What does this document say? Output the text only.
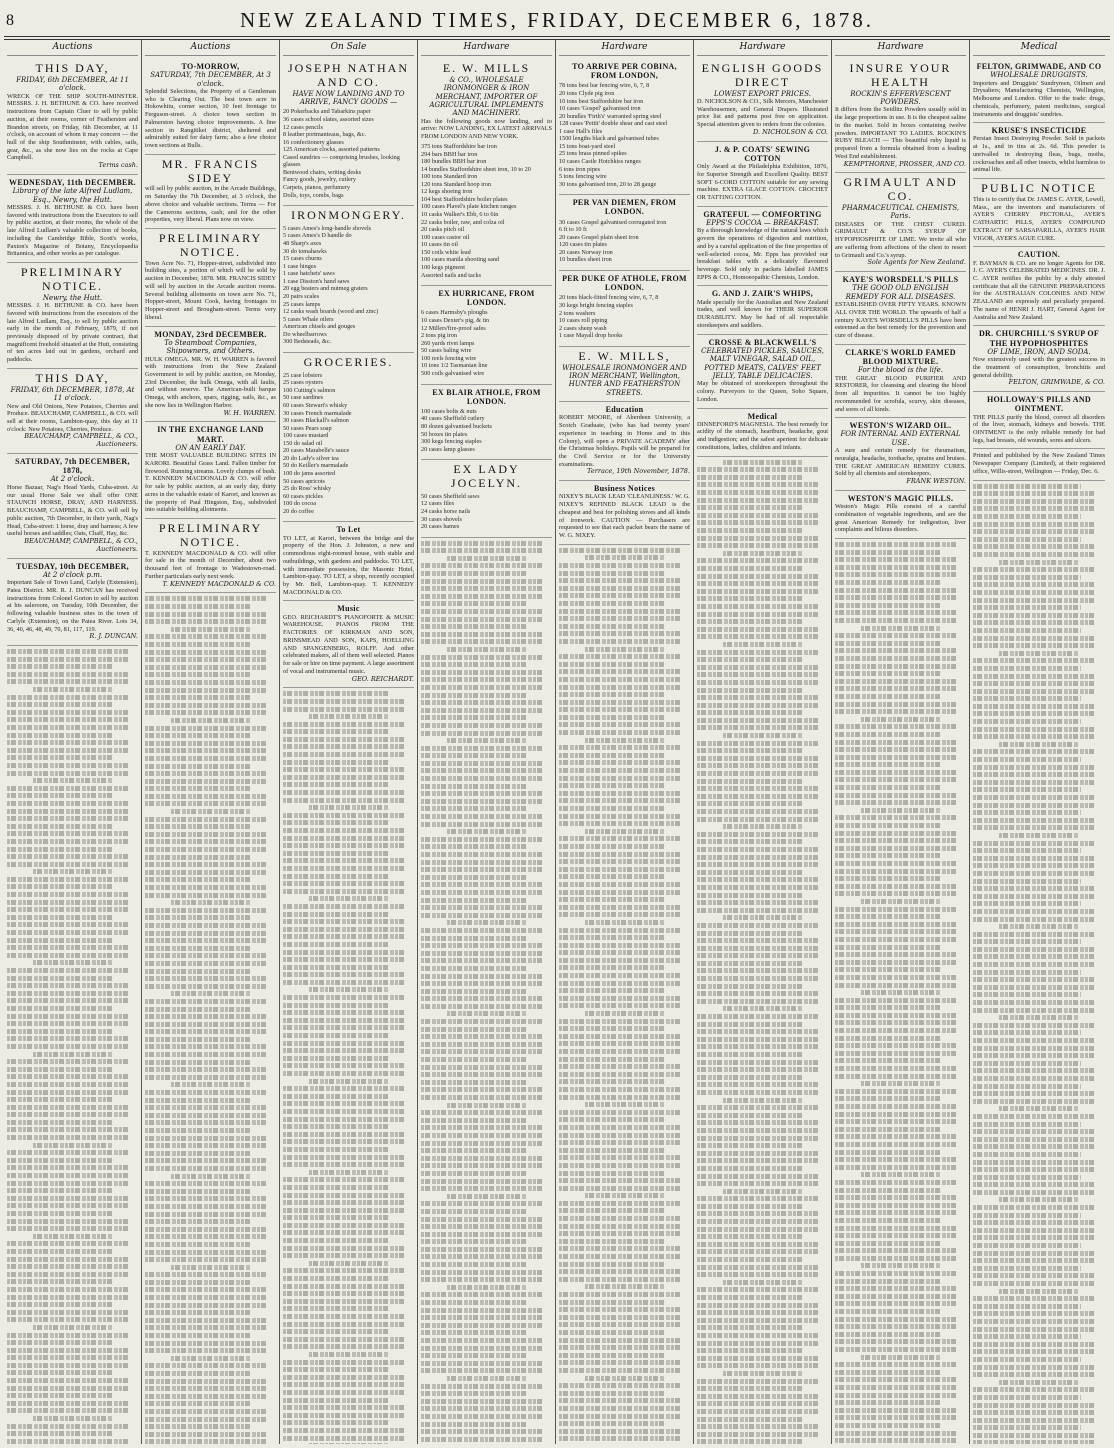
8	NEW ZEALAND TIMES, FRIDAY, DECEMBER 6, 1878.
Auctions
THIS DAY,
FRIDAY, 6th DECEMBER, At 11 o'clock.
WRECK OF THE SHIP SOUTH-MINSTER. MESSRS. J. H. BETHUNE & CO. have received instructions from Captain Cluer to sell by public auction, at their rooms, corner of Featherston and Brandon streets, on Friday, 6th December, at 11 o'clock, on account of whom it may concern — the hull of the ship Southminster, with cables, sails, gear, &c., as she now lies on the rocks at Cape Campbell.
Terms cash.
WEDNESDAY, 11th DECEMBER.
Library of the late Alfred Ludlam, Esq., Newry, the Hutt.
MESSRS. J. H. BETHUNE & CO. have been favored with instructions from the Executors to sell by public auction, at their rooms, the whole of the late Alfred Ludlam's valuable collection of books, including the Cambridge Bible, Scott's works, Paxton's Magazine of Botany, Encyclopaedia Britannica, and other works as per catalogue.
PRELIMINARY NOTICE.
Newry, the Hutt.
MESSRS. J. H. BETHUNE & CO. have been favored with instructions from the executors of the late Alfred Ludlam, Esq., to sell by public auction early in the month of February, 1879, if not previously disposed of by private contract, that magnificent freehold situated at the Hutt, consisting of ten acres laid out in gardens, orchard and paddocks.
THIS DAY,
FRIDAY, 6th DECEMBER, 1878, At 11 o'clock.
New and Old Onions, New Potatoes, Cherries and Produce. BEAUCHAMP, CAMPBELL, & CO. will sell at their rooms, Lambton-quay, this day at 11 o'clock: New Potatoes, Cherries, Produce.
BEAUCHAMP, CAMPBELL, & CO., Auctioneers.
SATURDAY, 7th DECEMBER, 1878,
At 2 o'clock.
Horse Bazaar, Nag's Head Yards, Cuba-street. At our usual Horse Sale we shall offer ONE STAUNCH HORSE, DRAY, AND HARNESS. BEAUCHAMP, CAMPBELL, & CO. will sell by public auction, 7th December, in their yards, Nag's Head, Cuba-street: 1 horse, dray and harness; A few useful horses and saddles; Oats, Chaff, Hay, &c.
BEAUCHAMP, CAMPBELL, & CO., Auctioneers.
TUESDAY, 10th DECEMBER,
At 2 o'clock p.m.
Important Sale of Town Land, Carlyle (Extension), Patea District. MR. R. J. DUNCAN has received instructions from Colonel Gorton to sell by auction at his saleroom, on Tuesday, 10th December, the following valuable business sites in the town of Carlyle (Extension), on the Patea River. Lots 34, 36, 40, 46, 48, 49, 70, 81, 117, 119.
R. J. DUNCAN.
Auctions
TO-MORROW,
SATURDAY, 7th DECEMBER, At 3 o'clock.
Splendid Selections, the Property of a Gentleman who is Clearing Out. The best town acre in Hokowhitu, corner section, 10 feet frontage to Ferguson-street. A choice town section in Palmerston having choice improvements. A fine section in Rangitikei district, sheltered and admirably suited for dairy farm; also a few choice town sections at Bulls.
MR. FRANCIS SIDEY
will sell by public auction, in the Arcade Buildings, on Saturday the 7th December, at 3 o'clock, the above choice and valuable sections. Terms — For the Camerons sections, cash; and for the other properties, very liberal. Plans now on view.
PRELIMINARY NOTICE.
Town Acre No. 71, Hopper-street, subdivided into building sites, a portion of which will be sold by auction in December, 1878. MR. FRANCIS SIDEY will sell by auction in the Arcade auction rooms. Several building allotments on town acre No. 71, Hopper-street, Mount Cook, having frontages to Hopper-street and Brougham-street. Terms very liberal.
MONDAY, 23rd DECEMBER.
To Steamboat Companies, Shipowners, and Others.
HULK OMEGA. MR. W. H. WARREN is favored with instructions from the New Zealand Government to sell by public auction, on Monday, 23rd December, the hulk Omega, with all faults, and without reserve. The American-built barque Omega, with anchors, spars, rigging, sails, &c., as she now lies in Wellington Harbor.
W. H. WARREN.
IN THE EXCHANGE LAND MART.
ON AN EARLY DAY.
THE MOST VALUABLE BUILDING SITES IN KARORI. Beautiful Grass Land. Fallen timber for firewood. Running streams. Lovely clumps of bush. T. KENNEDY MACDONALD & CO. will offer for sale by public auction, at an early day, thirty acres in the valuable estate of Karori, and known as the property of Paul Hingston, Esq., subdivided into suitable building allotments.
PRELIMINARY NOTICE.
T. KENNEDY MACDONALD & CO. will offer for sale in the month of December, about two thousand feet of frontage to Wadestown-road. Further particulars early next week.
T. KENNEDY MACDONALD & CO.
On Sale
JOSEPH NATHAN AND CO.
HAVE NOW LANDING AND TO ARRIVE, FANCY GOODS —
20 Pokerbacks and Tabarkins paper
36 cases school slates, assorted sizes
12 cases pencils
8 leather portmanteaus, bags, &c.
16 confectionery glasses
125 American clocks, assorted patterns
Cased sundries — comprising brushes, looking glasses
Bentwood chairs, writing desks
Fancy goods, jewelry, cutlery
Carpets, pianos, perfumery
Dolls, toys, combs, bags
IRONMONGERY.
5 cases Ames's long-handle shovels
5 cases Ames's D handle do
48 Sharp's axes
30 do tomahawks
15 cases churns
1 case hinges
1 case hatchets' saws
1 case Disston's hand saws
20 egg beaters and nutmeg graters
20 pairs scales
25 cases lamps
12 casks wash boards (wood and zinc)
5 cases Whale oilers
American chisels and gouges
Do wheelbarrows
300 Bedsteads, &c.
GROCERIES.
25 case lobsters
25 cases oysters
100 Cutting's salmon
50 case sardines
60 cases Stewart's whisky
30 cases French marmalade
30 cases Blackall's salmon
50 cases Pears soap
100 cases mustard
150 do salad oil
20 cases Marabelle's sauce
20 do Lady's silver tea
50 do Keiller's marmalade
100 do jams assorted
50 cases apricots
25 do Ross' whisky
60 cases pickles
100 do cocoa
20 do coffee
To Let
TO LET, at Karori, between the bridge and the property of the Hon. J. Johnston, a new and commodious eight-roomed house, with stable and outbuildings, with gardens and paddocks. TO LET, with immediate possession, the Masonic Hotel, Lambton-quay. TO LET, a shop, recently occupied by Mr. Bell, Lambton-quay. T. KENNEDY MACDONALD & CO.
Music
GEO. REICHARDT'S PIANOFORTE & MUSIC WAREHOUSE. PIANOS FROM THE FACTORIES OF KIRKMAN AND SON, BRINSMEAD AND SON, KAPS, HOELLING AND SPANGENBERG, ROLFF. And other celebrated makers, all of them well selected. Pianos for sale or hire on time payment. A large assortment of vocal and instrumental music.
GEO. REICHARDT.
Hardware
E. W. MILLS
& CO., WHOLESALE IRONMONGER & IRON MERCHANT, IMPORTER OF AGRICULTURAL IMPLEMENTS AND MACHINERY.
Has the following goods now landing, and to arrive: NOW LANDING, EX LATEST ARRIVALS FROM LONDON AND NEW YORK.
375 tons Staffordshire bar iron
294 bars BBH bar iron
180 bundles BBH bar iron
14 bundles Staffordshire sheet iron, 10 to 20
100 tons Standard iron
120 tons Standard hoop iron
12 kegs shoeing iron
104 best Staffordshire boiler plates
100 cases Plavel's plate kitchen ranges
10 casks Walker's Ebb, 6 to 6in
22 casks boiler, raw, and colza oil
20 casks pitch oil
100 cases castor oil
10 cases tin oil
150 coils white lead
100 cases manila shooting sand
100 kegs pigment
Assorted nails and tacks
EX HURRICANE, FROM LONDON.
6 cases Harmsby's ploughs
10 cases Dexter's pig, & tin
12 Millers'fire-proof safes
2 tons pig iron
260 yards rivet lamps
50 cases baling wire
100 reels fencing wire
10 tons 1/2 Tasmanian line
500 coils galvanised wire
EX BLAIR ATHOLE, FROM LONDON.
100 cases bolts & nuts
40 cases Sheffield cutlery
80 dozen galvanised buckets
50 boxes tin plates
300 kegs fencing staples
20 cases lamp glasses
EX LADY JOCELYN.
50 cases Sheffield saws
12 cases files
24 casks horse nails
30 cases shovels
20 cases hames
Hardware
TO ARRIVE PER COBINA, FROM LONDON,
78 tons best bar fencing wire, 6, 7, 8
20 tons Clyde pig iron
10 tons best Staffordshire bar iron
10 cases 'Gospel' galvanised iron
20 bundles 'Firth's' warranted spring steel
128 cases 'Pettit' double shear and cast steel
1 case Hall's files
1500 lengths black and galvanised tubes
15 tons boat-yard steel
25 tons brass pinned spikes
10 cases Castle Hotchkiss ranges
6 tons iron pipes
5 tons fencing wire
30 tons galvanised iron, 20 to 28 gauge
PER VAN DIEMEN, FROM LONDON.
30 cases Gospel galvanised corrugated iron
6 ft to 10 ft
20 cases Gospel plain sheet iron
120 cases tin plates
20 cases Norway iron
10 bundles sheet iron
PER DUKE OF ATHOLE, FROM LONDON.
20 tons black-fitted fencing wire, 6, 7, 8
30 kegs bright fencing staples
2 tons washers
10 cases roll piping
2 cases sheep wash
1 case Mayall drop hooks
E. W. MILLS,
WHOLESALE IRONMONGER AND IRON MERCHANT, Wellington, HUNTER AND FEATHERSTON STREETS.
Education
ROBERT MOORE, of Aberdeen University, a Scotch Graduate, (who has had twenty years' experience in teaching in Home and in this Colony), will open a PRIVATE ACADEMY after the Christmas holidays. Pupils will be prepared for the Civil Service or for the University examinations.
Terrace, 19th November, 1878.
Business Notices
NIXEY'S BLACK LEAD 'CLEANLINESS.' W. G. NIXEY'S REFINED BLACK LEAD is the cheapest and best for polishing stoves and all kinds of ironwork. CAUTION — Purchasers are requested to see that each packet bears the name of W. G. NIXEY.
Hardware
ENGLISH GOODS DIRECT
LOWEST EXPORT PRICES.
D. NICHOLSON & CO., Silk Mercers, Manchester Warehousemen, and General Drapers. Illustrated price list and patterns post free on application. Special attention given to orders from the colonies.
D. NICHOLSON & CO.
J. & P. COATS' SEWING COTTON
Only Award at the Philadelphia Exhibition, 1876, for Superior Strength and Excellent Quality. BEST SOFT 6-CORD COTTON suitable for any sewing machine. EXTRA GLACE COTTON. CROCHET OR TATTING COTTON.
GRATEFUL — COMFORTING
EPPS'S COCOA — BREAKFAST.
By a thorough knowledge of the natural laws which govern the operations of digestion and nutrition, and by a careful application of the fine properties of well-selected cocoa, Mr. Epps has provided our breakfast tables with a delicately flavoured beverage. Sold only in packets labelled JAMES EPPS & CO., Homoeopathic Chemists, London.
G. AND J. ZAIR'S WHIPS,
Made specially for the Australian and New Zealand trades, and well known for THEIR SUPERIOR DURABILITY. May be had of all respectable storekeepers and saddlers.
CROSSE & BLACKWELL'S
CELEBRATED PICKLES, SAUCES, MALT VINEGAR, SALAD OIL, POTTED MEATS, CALVES' FEET JELLY, TABLE DELICACIES.
May be obtained of storekeepers throughout the colony. Purveyors to the Queen, Soho Square, London.
Medical
DINNEFORD'S MAGNESIA. The best remedy for acidity of the stomach, heartburn, headache, gout and indigestion; and the safest aperient for delicate constitutions, ladies, children and infants.
Hardware
INSURE YOUR HEALTH
ROCKIN'S EFFERVESCENT POWDERS.
It differs from the Seidlitz Powders usually sold in the large proportions in use. It is the cheapest saline in the market. Sold in boxes containing twelve powders. IMPORTANT TO LADIES. ROCKIN'S RUBY BLEACH — This beautiful ruby liquid is prepared from a formula obtained from a leading West End establishment.
KEMPTHORNE, PROSSER, AND CO.
GRIMAULT AND CO.
PHARMACEUTICAL CHEMISTS, Paris.
DISEASES OF THE CHEST CURED. GRIMAULT & CO.'S SYRUP OF HYPOPHOSPHITE OF LIME. We invite all who are suffering from affections of the chest to resort to Grimault and Co.'s syrup.
Sole Agents for New Zealand.
KAYE'S WORSDELL'S PILLS
THE GOOD OLD ENGLISH REMEDY FOR ALL DISEASES.
ESTABLISHED OVER FIFTY YEARS. KNOWN ALL OVER THE WORLD. The upwards of half a century KAYE'S WORSDELL'S PILLS have been esteemed as the best remedy for the prevention and cure of disease.
CLARKE'S WORLD FAMED BLOOD MIXTURE.
For the blood is the life.
THE GREAT BLOOD PURIFIER AND RESTORER, for cleansing and clearing the blood from all impurities. It cannot be too highly recommended for scrofula, scurvy, skin diseases, and sores of all kinds.
WESTON'S WIZARD OIL.
FOR INTERNAL AND EXTERNAL USE.
A sure and certain remedy for rheumatism, neuralgia, headache, toothache, sprains and bruises. THE GREAT AMERICAN REMEDY CURES. Sold by all chemists and storekeepers.
FRANK WESTON.
WESTON'S MAGIC PILLS.
Weston's Magic Pills consist of a careful combination of vegetable ingredients, and are the great American Remedy for indigestion, liver complaints and bilious disorders.
Medical
FELTON, GRIMWADE, AND CO
WHOLESALE DRUGGISTS.
Importers and Druggists' Sundrymen, Oilmen and Drysalters; Manufacturing Chemists, Wellington, Melbourne and London. Offer to the trade: drugs, chemicals, perfumery, patent medicines, surgical instruments and druggists' sundries.
KRUSE'S INSECTICIDE
Persian Insect Destroying Powder. Sold in packets at 1s., and in tins at 2s. 6d. This powder is unrivalled in destroying fleas, bugs, moths, cockroaches and all other insects, whilst harmless to animal life.
PUBLIC NOTICE
This is to certify that Dr. JAMES C. AYER, Lowell, Mass., are the inventors and manufacturers of AYER'S CHERRY PECTORAL, AYER'S CATHARTIC PILLS, AYER'S COMPOUND EXTRACT OF SARSAPARILLA, AYER'S HAIR VIGOR, AYER'S AGUE CURE.
CAUTION.
F. BAYMAN & CO. are no longer Agents for DR. J. C. AYER'S CELEBRATED MEDICINES. DR. J. C. AYER notifies the public by a duly attested certificate that all the GENUINE PREPARATIONS for the AUSTRALIAN COLONIES AND NEW ZEALAND are expressly and peculiarly prepared. The name of HENRI J. HART, General Agent for Australia and New Zealand.
DR. CHURCHILL'S SYRUP OF THE HYPOPHOSPHITES
OF LIME, IRON, AND SODA.
Now extensively used with the greatest success in the treatment of consumption, bronchitis and general debility.
FELTON, GRIMWADE, & CO.
HOLLOWAY'S PILLS AND OINTMENT.
THE PILLS purify the blood, correct all disorders of the liver, stomach, kidneys and bowels. THE OINTMENT is the only reliable remedy for bad legs, bad breasts, old wounds, sores and ulcers.
Printed and published by the New Zealand Times Newspaper Company (Limited), at their registered office, Willis-street, Wellington — Friday, Dec. 6.
